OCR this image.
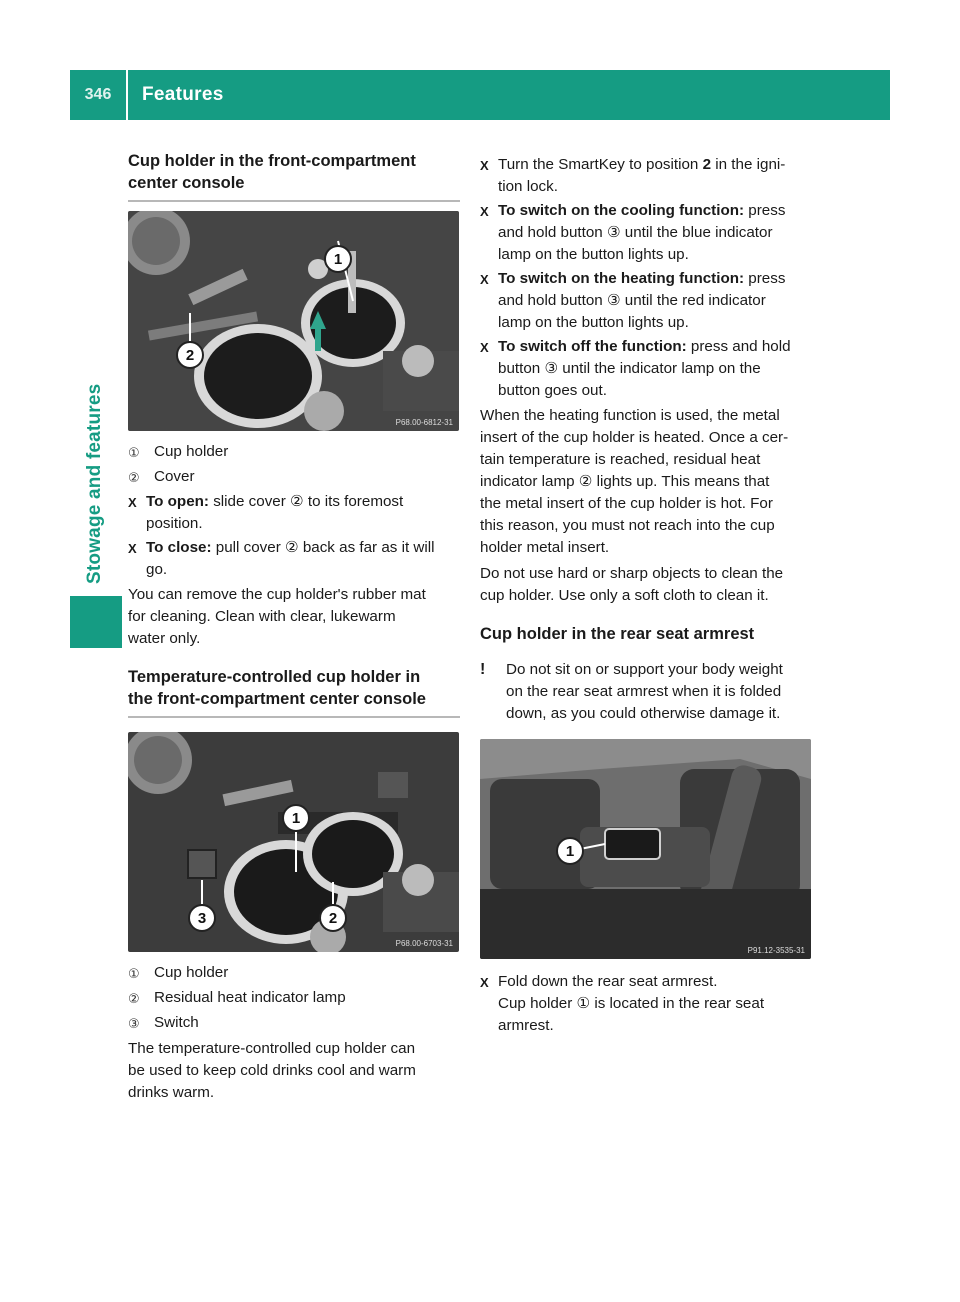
346	Features
Stowage and features
Cup holder in the front-compartment
center console
1
2
P68.00-6812-31
① Cup holder
② Cover
X To open: slide cover ② to its foremost
position.
X To close: pull cover ② back as far as it will
go.

You can remove the cup holder's rubber mat
for cleaning. Clean with clear, lukewarm
water only.

Temperature-controlled cup holder in
the front-compartment center console
1
3	2
P68.00-6703-31
① Cup holder
② Residual heat indicator lamp
③ Switch

The temperature-controlled cup holder can
be used to keep cold drinks cool and warm
drinks warm.

X Turn the SmartKey to position 2 in the igni-
tion lock.
X To switch on the cooling function: press
and hold button ③ until the blue indicator
lamp on the button lights up.
X To switch on the heating function: press
and hold button ③ until the red indicator
lamp on the button lights up.
X To switch off the function: press and hold
button ③ until the indicator lamp on the
button goes out.

When the heating function is used, the metal
insert of the cup holder is heated. Once a cer-
tain temperature is reached, residual heat
indicator lamp ② lights up. This means that
the metal insert of the cup holder is hot. For
this reason, you must not reach into the cup
holder metal insert.

Do not use hard or sharp objects to clean the
cup holder. Use only a soft cloth to clean it.

Cup holder in the rear seat armrest
!	Do not sit on or support your body weight
on the rear seat armrest when it is folded
down, as you could otherwise damage it.
1
P91.12-3535-31
X Fold down the rear seat armrest.
Cup holder ① is located in the rear seat
armrest.
